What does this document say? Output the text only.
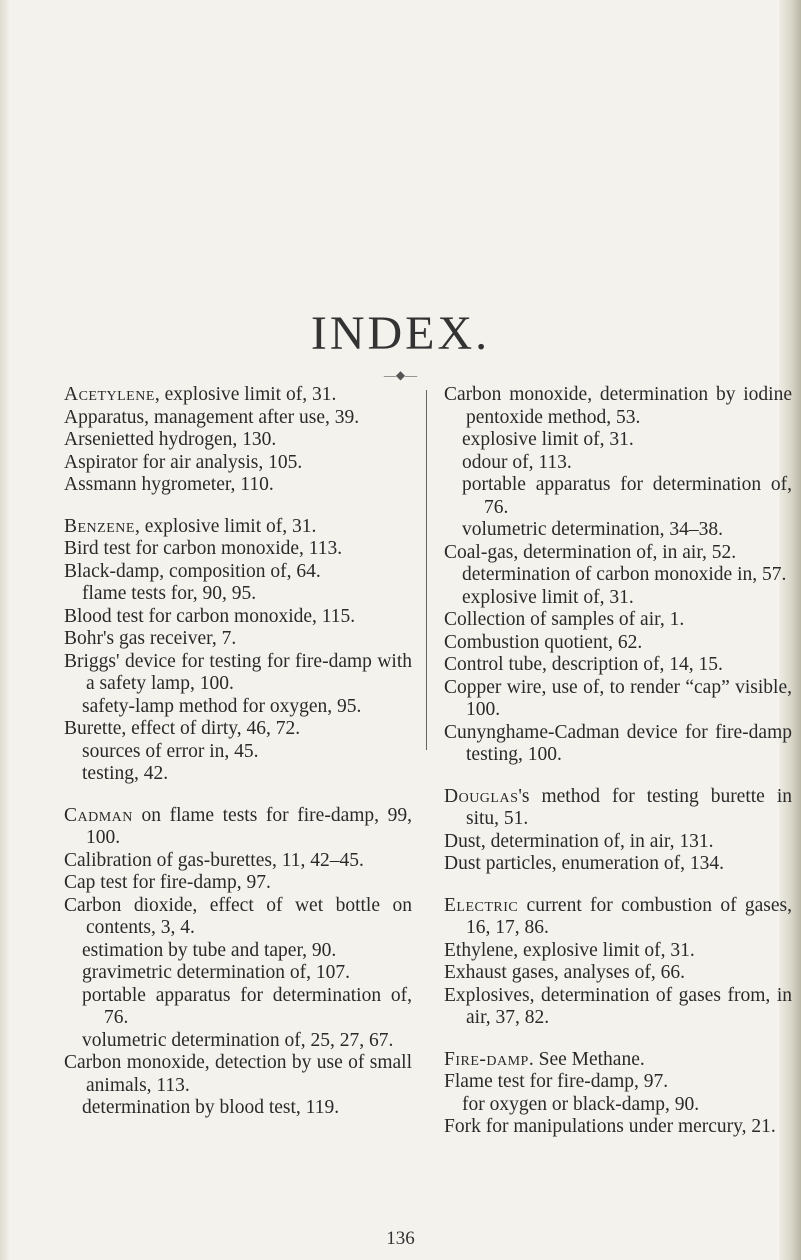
INDEX.
—◆—
Acetylene, explosive limit of, 31.
Apparatus, management after use, 39.
Arsenietted hydrogen, 130.
Aspirator for air analysis, 105.
Assmann hygrometer, 110.
Benzene, explosive limit of, 31.
Bird test for carbon monoxide, 113.
Black-damp, composition of, 64.
flame tests for, 90, 95.
Blood test for carbon monoxide, 115.
Bohr's gas receiver, 7.
Briggs' device for testing for fire-damp with a safety lamp, 100.
safety-lamp method for oxygen, 95.
Burette, effect of dirty, 46, 72.
sources of error in, 45.
testing, 42.
Cadman on flame tests for fire-damp, 99, 100.
Calibration of gas-burettes, 11, 42–45.
Cap test for fire-damp, 97.
Carbon dioxide, effect of wet bottle on contents, 3, 4.
estimation by tube and taper, 90.
gravimetric determination of, 107.
portable apparatus for determination of, 76.
volumetric determination of, 25, 27, 67.
Carbon monoxide, detection by use of small animals, 113.
determination by blood test, 119.
Carbon monoxide, determination by iodine pentoxide method, 53.
explosive limit of, 31.
odour of, 113.
portable apparatus for determination of, 76.
volumetric determination, 34–38.
Coal-gas, determination of, in air, 52.
determination of carbon monoxide in, 57.
explosive limit of, 31.
Collection of samples of air, 1.
Combustion quotient, 62.
Control tube, description of, 14, 15.
Copper wire, use of, to render “cap” visible, 100.
Cunynghame-Cadman device for fire-damp testing, 100.
Douglas's method for testing burette in situ, 51.
Dust, determination of, in air, 131.
Dust particles, enumeration of, 134.
Electric current for combustion of gases, 16, 17, 86.
Ethylene, explosive limit of, 31.
Exhaust gases, analyses of, 66.
Explosives, determination of gases from, in air, 37, 82.
Fire-damp. See Methane.
Flame test for fire-damp, 97.
for oxygen or black-damp, 90.
Fork for manipulations under mercury, 21.
136
